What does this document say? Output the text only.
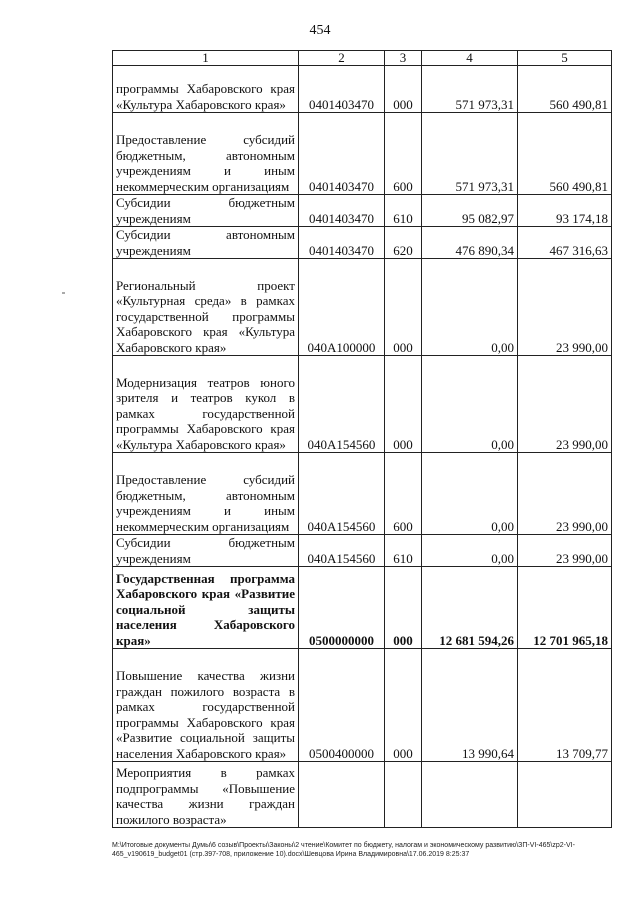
454
1	2	3	4	5
программы Хабаровского края «Культура Хабаровского края»	0401403470	000	571 973,31	560 490,81
Предоставление субсидий бюджетным, автономным учреждениям и иным некоммерческим организациям	0401403470	600	571 973,31	560 490,81
Субсидии бюджетным учреждениям	0401403470	610	95 082,97	93 174,18
Субсидии автономным учреждениям	0401403470	620	476 890,34	467 316,63
Региональный проект «Культурная среда» в рамках государственной программы Хабаровского края «Культура Хабаровского края»	040A100000	000	0,00	23 990,00
Модернизация театров юного зрителя и театров кукол в рамках государственной программы Хабаровского края «Культура Хабаровского края»	040A154560	000	0,00	23 990,00
Предоставление субсидий бюджетным, автономным учреждениям и иным некоммерческим организациям	040A154560	600	0,00	23 990,00
Субсидии бюджетным учреждениям	040A154560	610	0,00	23 990,00
Государственная программа Хабаровского края «Развитие социальной защиты населения Хабаровского края»	0500000000	000	12 681 594,26	12 701 965,18
Повышение качества жизни граждан пожилого возраста в рамках государственной программы Хабаровского края «Развитие социальной защиты населения Хабаровского края»	0500400000	000	13 990,64	13 709,77
Мероприятия в рамках подпрограммы «Повышение качества жизни граждан пожилого возраста»				
М:\Итоговые документы Думы\6 созыв\Проекты\Законы\2 чтение\Комитет по бюджету, налогам и экономическому развитию\ЗП-VI-465\zp2-VI-465_v190619_budget01 (стр.397-708, приложение 10).docx\Шевцова Ирина Владимировна\17.06.2019 8:25:37
